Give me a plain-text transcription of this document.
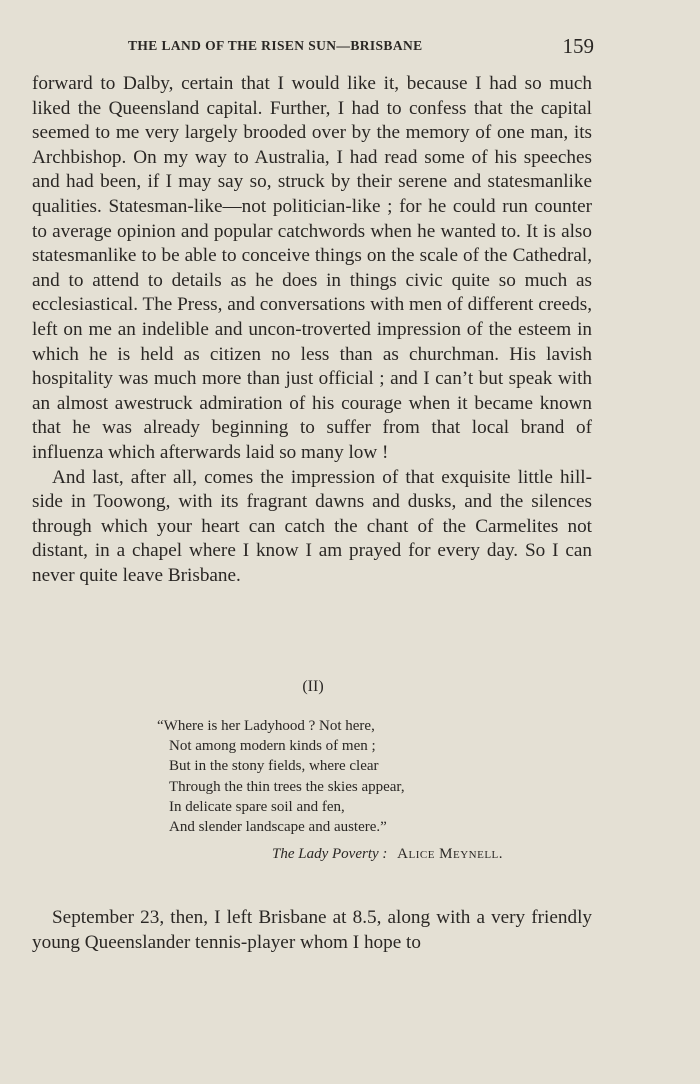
THE LAND OF THE RISEN SUN—BRISBANE	159

forward to Dalby, certain that I would like it, because I had so much liked the Queensland capital. Further, I had to confess that the capital seemed to me very largely brooded over by the memory of one man, its Archbishop. On my way to Australia, I had read some of his speeches and had been, if I may say so, struck by their serene and statesmanlike qualities. Statesman-like—not politician-like ; for he could run counter to average opinion and popular catchwords when he wanted to. It is also statesmanlike to be able to conceive things on the scale of the Cathedral, and to attend to details as he does in things civic quite so much as ecclesiastical. The Press, and conversations with men of different creeds, left on me an indelible and uncon-troverted impression of the esteem in which he is held as citizen no less than as churchman. His lavish hospitality was much more than just official ; and I can’t but speak with an almost awestruck admiration of his courage when it became known that he was already beginning to suffer from that local brand of influenza which afterwards laid so many low !

And last, after all, comes the impression of that exquisite little hill-side in Toowong, with its fragrant dawns and dusks, and the silences through which your heart can catch the chant of the Carmelites not distant, in a chapel where I know I am prayed for every day. So I can never quite leave Brisbane.

(II)
“Where is her Ladyhood ? Not here,
Not among modern kinds of men ;
But in the stony fields, where clear
Through the thin trees the skies appear,
In delicate spare soil and fen,
And slender landscape and austere.”
The Lady Poverty : Alice Meynell.

September 23, then, I left Brisbane at 8.5, along with a very friendly young Queenslander tennis-player whom I hope to
